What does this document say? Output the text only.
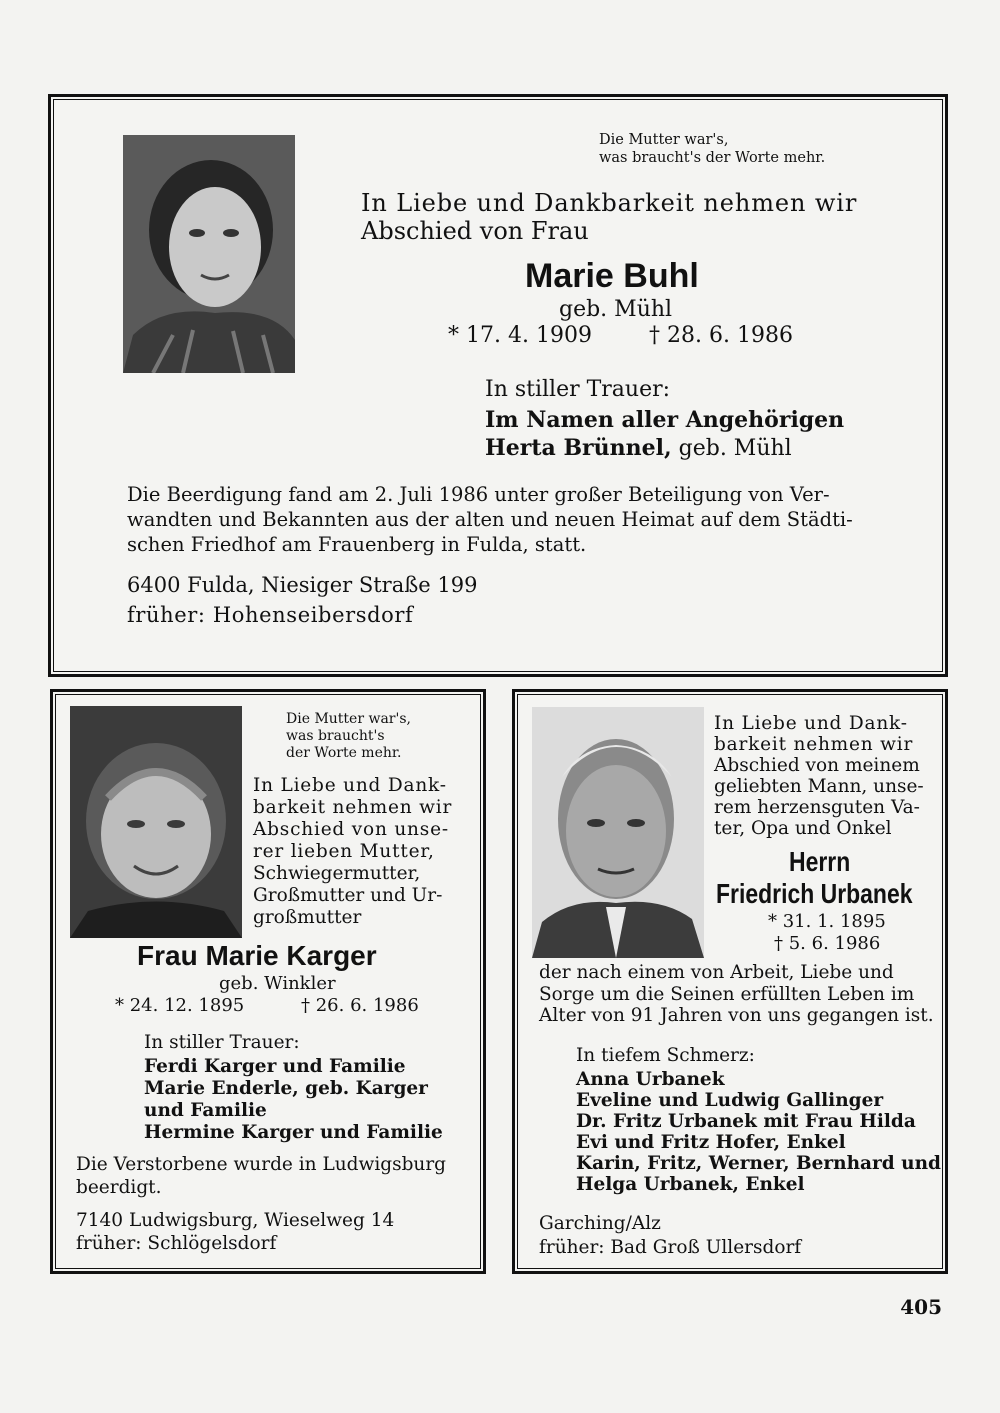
Die Mutter war's,
was braucht's der Worte mehr.
In Liebe und Dankbarkeit nehmen wir
Abschied von Frau
Marie Buhl
geb. Mühl
* 17. 4. 1909	† 28. 6. 1986
In stiller Trauer:
Im Namen aller Angehörigen
Herta Brünnel, geb. Mühl
Die Beerdigung fand am 2. Juli 1986 unter großer Beteiligung von Ver-
wandten und Bekannten aus der alten und neuen Heimat auf dem Städti-
schen Friedhof am Frauenberg in Fulda, statt.
6400 Fulda, Niesiger Straße 199
früher: Hohenseibersdorf
Die Mutter war's,
was braucht's
der Worte mehr.
In Liebe und Dank-
barkeit nehmen wir
Abschied von unse-
rer lieben Mutter,
Schwiegermutter,
Großmutter und Ur-
großmutter
Frau Marie Karger
geb. Winkler
* 24. 12. 1895	† 26. 6. 1986
In stiller Trauer:
Ferdi Karger und Familie
Marie Enderle, geb. Karger
und Familie
Hermine Karger und Familie
Die Verstorbene wurde in Ludwigsburg
beerdigt.
7140 Ludwigsburg, Wieselweg 14
früher: Schlögelsdorf
In Liebe und Dank-
barkeit nehmen wir
Abschied von meinem
geliebten Mann, unse-
rem herzensguten Va-
ter, Opa und Onkel
Herrn
Friedrich Urbanek
* 31. 1. 1895
† 5. 6. 1986
der nach einem von Arbeit, Liebe und
Sorge um die Seinen erfüllten Leben im
Alter von 91 Jahren von uns gegangen ist.
In tiefem Schmerz:
Anna Urbanek
Eveline und Ludwig Gallinger
Dr. Fritz Urbanek mit Frau Hilda
Evi und Fritz Hofer, Enkel
Karin, Fritz, Werner, Bernhard und
Helga Urbanek, Enkel
Garching/Alz
früher: Bad Groß Ullersdorf
405
